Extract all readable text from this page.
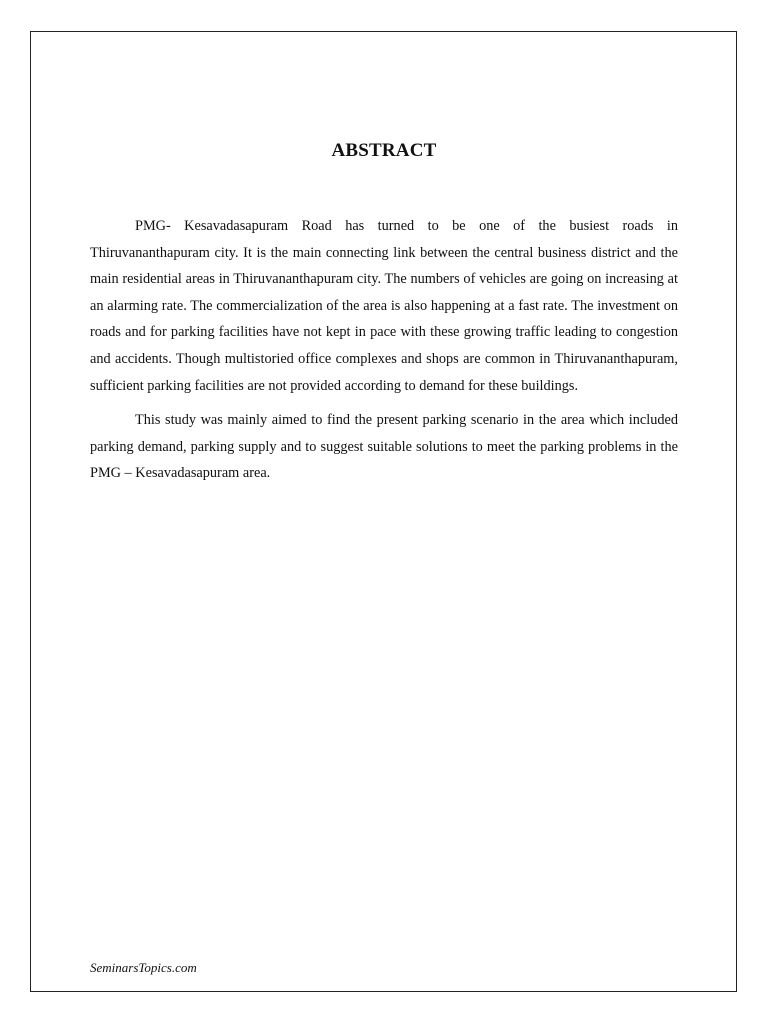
ABSTRACT

PMG- Kesavadasapuram Road has turned to be one of the busiest roads in Thiruvananthapuram city. It is the main connecting link between the central business district and the main residential areas in Thiruvananthapuram city. The numbers of vehicles are going on increasing at an alarming rate. The commercialization of the area is also happening at a fast rate. The investment on roads and for parking facilities have not kept in pace with these growing traffic leading to congestion and accidents. Though multistoried office complexes and shops are common in Thiruvananthapuram, sufficient parking facilities are not provided according to demand for these buildings.

This study was mainly aimed to find the present parking scenario in the area which included parking demand, parking supply and to suggest suitable solutions to meet the parking problems in the PMG – Kesavadasapuram area.

SeminarsTopics.com
